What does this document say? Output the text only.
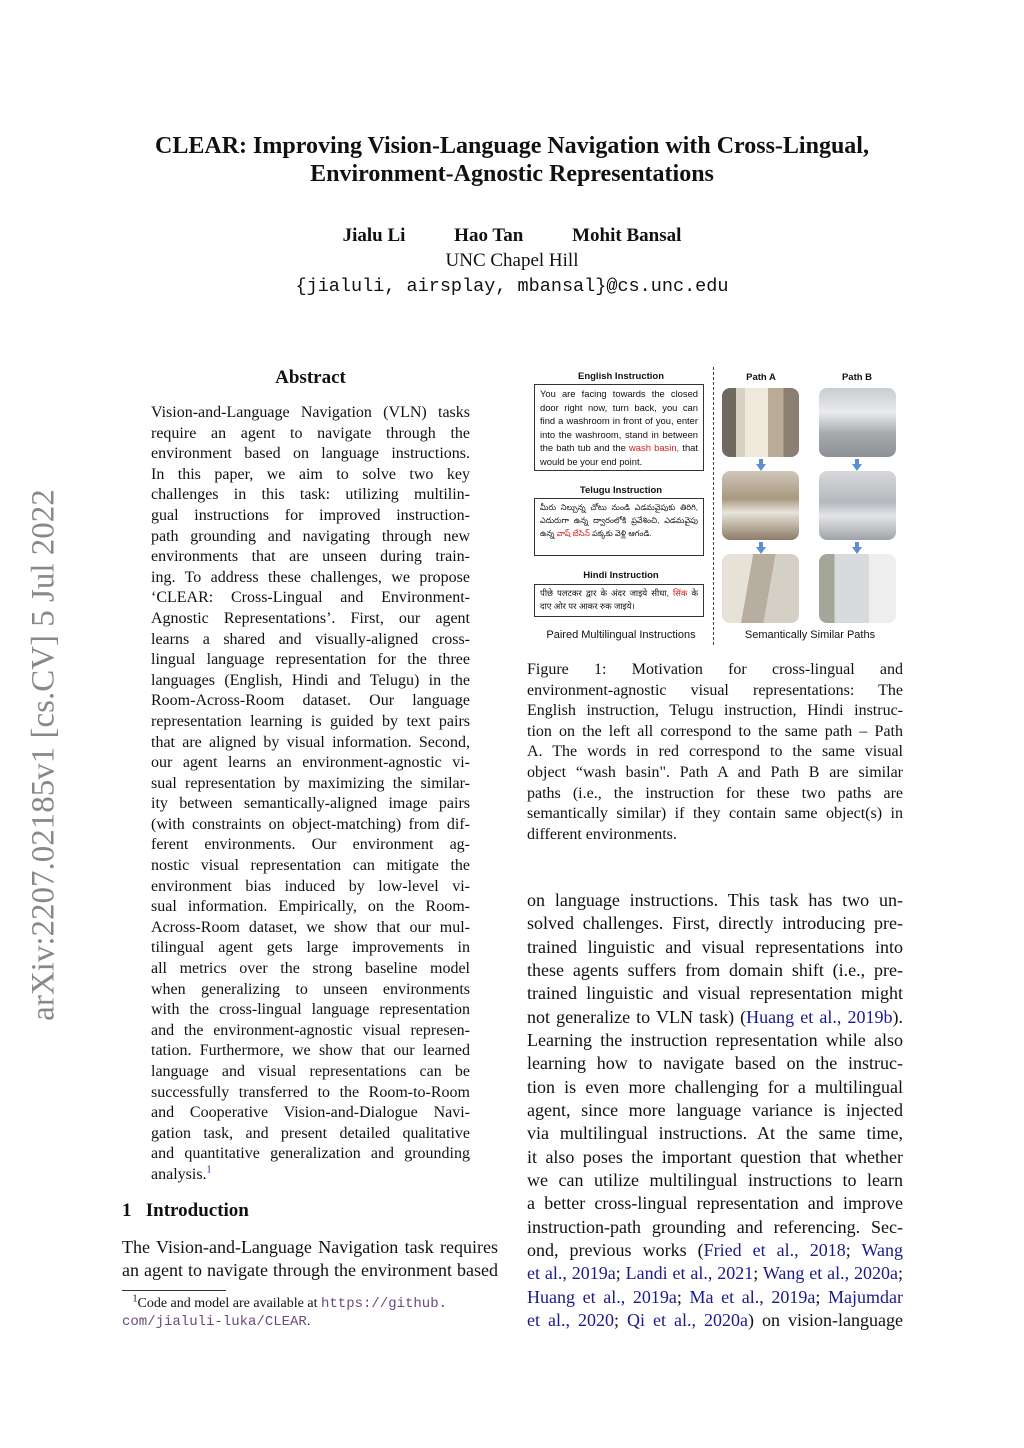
arXiv:2207.02185v1 [cs.CV] 5 Jul 2022
CLEAR: Improving Vision-Language Navigation with Cross-Lingual,
Environment-Agnostic Representations
Jialu Li	Hao Tan	Mohit Bansal
UNC Chapel Hill
{jialuli, airsplay, mbansal}@cs.unc.edu
Abstract
Vision-and-Language Navigation (VLN) tasks
require an agent to navigate through the
environment based on language instructions.
In this paper, we aim to solve two key
challenges in this task: utilizing multilin-
gual instructions for improved instruction-
path grounding and navigating through new
environments that are unseen during train-
ing. To address these challenges, we propose
‘CLEAR: Cross-Lingual and Environment-
Agnostic Representations’. First, our agent
learns a shared and visually-aligned cross-
lingual language representation for the three
languages (English, Hindi and Telugu) in the
Room-Across-Room dataset. Our language
representation learning is guided by text pairs
that are aligned by visual information. Second,
our agent learns an environment-agnostic vi-
sual representation by maximizing the similar-
ity between semantically-aligned image pairs
(with constraints on object-matching) from dif-
ferent environments. Our environment ag-
nostic visual representation can mitigate the
environment bias induced by low-level vi-
sual information. Empirically, on the Room-
Across-Room dataset, we show that our mul-
tilingual agent gets large improvements in
all metrics over the strong baseline model
when generalizing to unseen environments
with the cross-lingual language representation
and the environment-agnostic visual represen-
tation. Furthermore, we show that our learned
language and visual representations can be
successfully transferred to the Room-to-Room
and Cooperative Vision-and-Dialogue Navi-
gation task, and present detailed qualitative
and quantitative generalization and grounding
analysis.$^1$
1 Introduction
The Vision-and-Language Navigation task requires
an agent to navigate through the environment based
$^1$Code and model are available at https://github.
com/jialuli-luka/CLEAR.
English Instruction
You are facing towards the closed door right now, turn back, you can find a washroom in front of you, enter into the washroom, stand in between the bath tub and the wash basin, that would be your end point.
Telugu Instruction
మీరు నిల్చున్న చోటు నుండి ఎడమవైపుకు తిరిగి, ఎదురుగా ఉన్న ద్వారంలోకి ప్రవేశించి, ఎడమవైపు ఉన్న వాష్ బేసిన్ పక్కకు వెళ్లి ఆగండి.
Hindi Instruction
पीछे पलटकर द्वार के अंदर जाइये सीधा, सिंक के दाए ओर पर आकर रुक जाइये।
Paired Multilingual Instructions
Path A	Path B
Semantically Similar Paths
Figure 1: Motivation for cross-lingual and
environment-agnostic visual representations: The
English instruction, Telugu instruction, Hindi instruc-
tion on the left all correspond to the same path – Path
A. The words in red correspond to the same visual
object “wash basin". Path A and Path B are similar
paths (i.e., the instruction for these two paths are
semantically similar) if they contain same object(s) in
different environments.
on language instructions. This task has two un-
solved challenges. First, directly introducing pre-
trained linguistic and visual representations into
these agents suffers from domain shift (i.e., pre-
trained linguistic and visual representation might
not generalize to VLN task) (Huang et al., 2019b).
Learning the instruction representation while also
learning how to navigate based on the instruc-
tion is even more challenging for a multilingual
agent, since more language variance is injected
via multilingual instructions. At the same time,
it also poses the important question that whether
we can utilize multilingual instructions to learn
a better cross-lingual representation and improve
instruction-path grounding and referencing. Sec-
ond, previous works (Fried et al., 2018; Wang
et al., 2019a; Landi et al., 2021; Wang et al., 2020a;
Huang et al., 2019a; Ma et al., 2019a; Majumdar
et al., 2020; Qi et al., 2020a) on vision-language
